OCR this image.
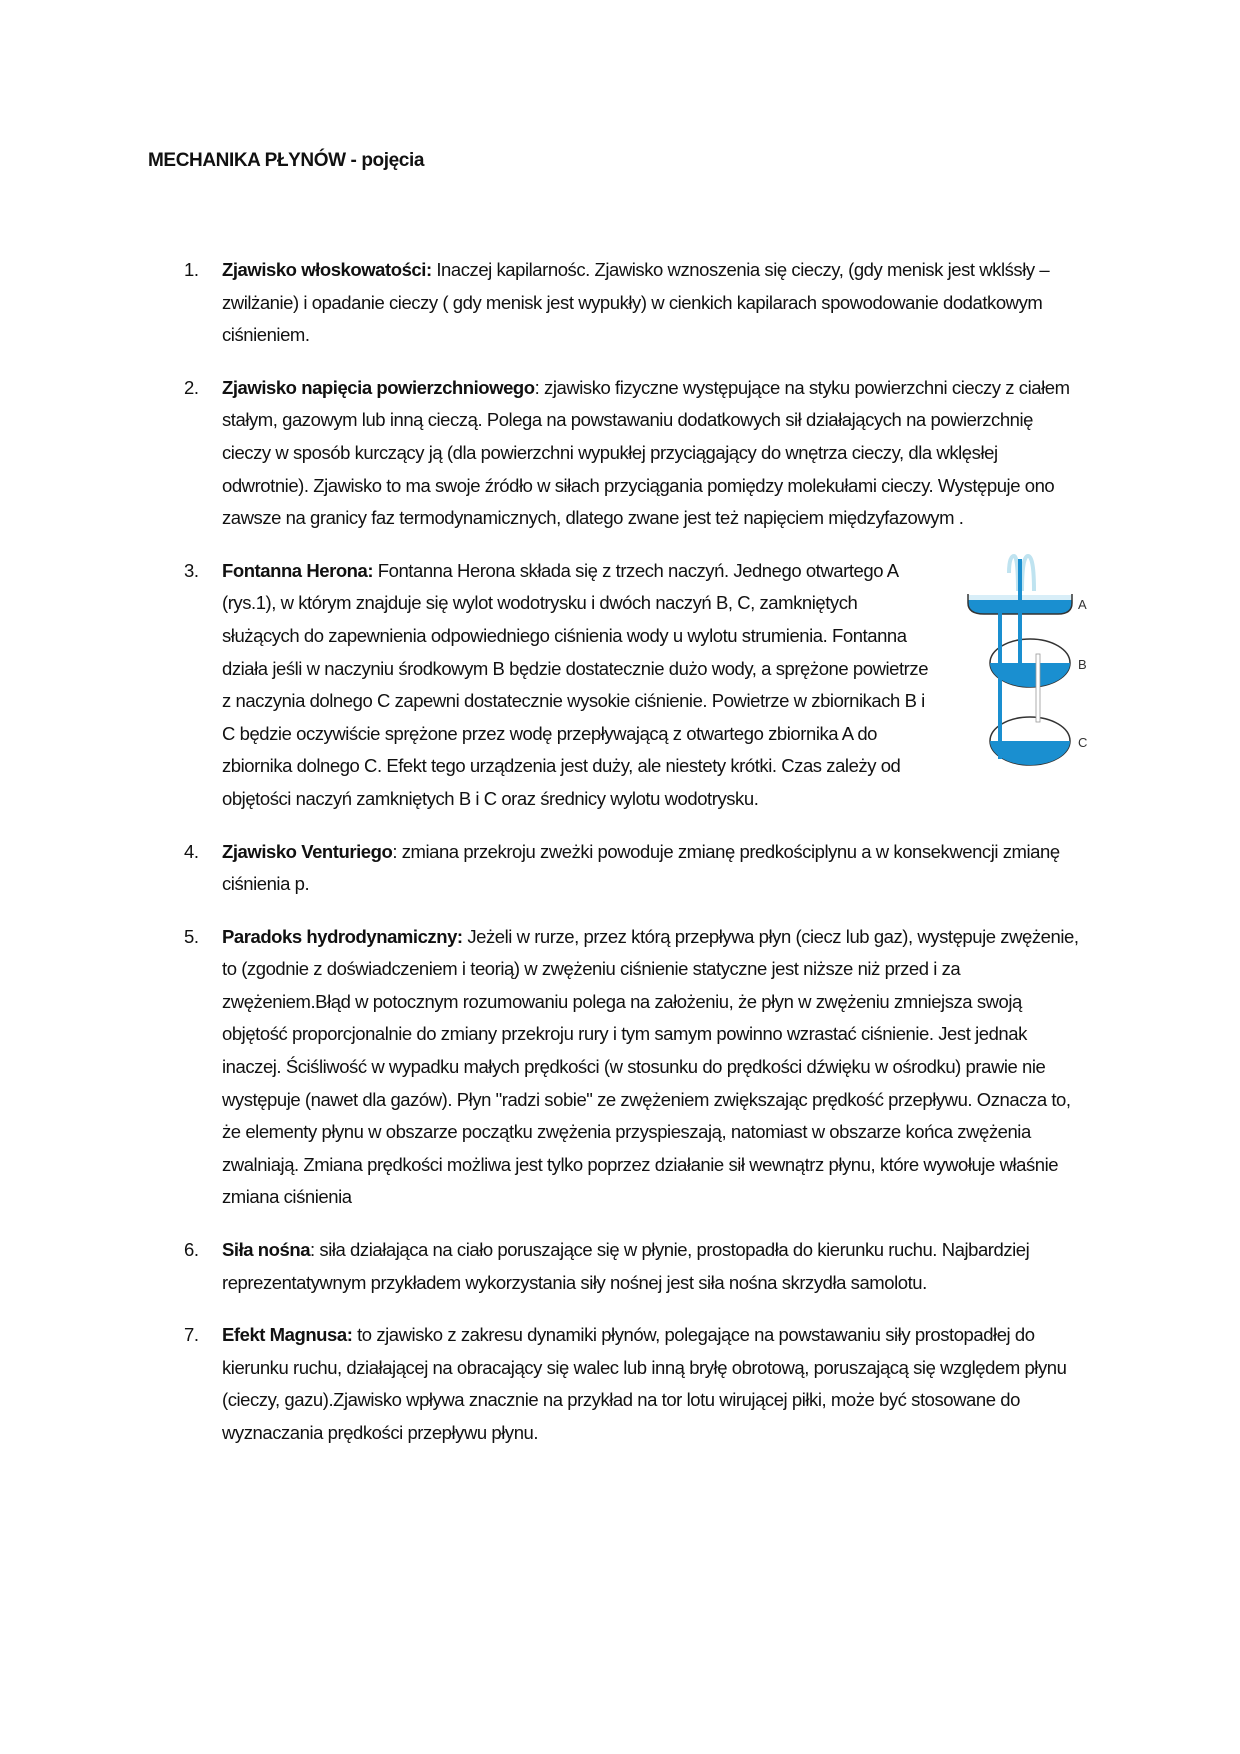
MECHANIKA PŁYNÓW - pojęcia
1.	Zjawisko włoskowatości: Inaczej kapilarnośc. Zjawisko wznoszenia się cieczy, (gdy menisk jest wklśsły – zwilżanie) i opadanie cieczy ( gdy menisk jest wypukły) w cienkich kapilarach spowodowanie dodatkowym ciśnieniem.
2.	Zjawisko napięcia powierzchniowego: zjawisko fizyczne występujące na styku powierzchni cieczy z ciałem stałym, gazowym lub inną cieczą. Polega na powstawaniu dodatkowych sił działających na powierzchnię cieczy w sposób kurczący ją (dla powierzchni wypukłej przyciągający do wnętrza cieczy, dla wklęsłej odwrotnie). Zjawisko to ma swoje źródło w siłach przyciągania pomiędzy molekułami cieczy. Występuje ono zawsze na granicy faz termodynamicznych, dlatego zwane jest też napięciem międzyfazowym .
3.
A
B
C
Fontanna Herona: Fontanna Herona składa się z trzech naczyń. Jednego otwartego A (rys.1), w którym znajduje się wylot wodotrysku i dwóch naczyń B, C, zamkniętych służących do zapewnienia odpowiedniego ciśnienia wody u wylotu strumienia. Fontanna działa jeśli w naczyniu środkowym B będzie dostatecznie dużo wody, a sprężone powietrze z naczynia dolnego C zapewni dostatecznie wysokie ciśnienie. Powietrze w zbiornikach B i C będzie oczywiście sprężone przez wodę przepływającą z otwartego zbiornika A do zbiornika dolnego C. Efekt tego urządzenia jest duży, ale niestety krótki. Czas zależy od objętości naczyń zamkniętych B i C oraz średnicy wylotu wodotrysku.
4.	Zjawisko Venturiego: zmiana przekroju zweżki powoduje zmianę predkościplynu a w konsekwencji zmianę ciśnienia p.
5.	Paradoks hydrodynamiczny: Jeżeli w rurze, przez którą przepływa płyn (ciecz lub gaz), występuje zwężenie, to (zgodnie z doświadczeniem i teorią) w zwężeniu ciśnienie statyczne jest niższe niż przed i za zwężeniem.Błąd w potocznym rozumowaniu polega na założeniu, że płyn w zwężeniu zmniejsza swoją objętość proporcjonalnie do zmiany przekroju rury i tym samym powinno wzrastać ciśnienie. Jest jednak inaczej. Ściśliwość w wypadku małych prędkości (w stosunku do prędkości dźwięku w ośrodku) prawie nie występuje (nawet dla gazów). Płyn "radzi sobie" ze zwężeniem zwiększając prędkość przepływu. Oznacza to, że elementy płynu w obszarze początku zwężenia przyspieszają, natomiast w obszarze końca zwężenia zwalniają. Zmiana prędkości możliwa jest tylko poprzez działanie sił wewnątrz płynu, które wywołuje właśnie zmiana ciśnienia
6.	Siła nośna: siła działająca na ciało poruszające się w płynie, prostopadła do kierunku ruchu. Najbardziej reprezentatywnym przykładem wykorzystania siły nośnej jest siła nośna skrzydła samolotu.
7.	Efekt Magnusa: to zjawisko z zakresu dynamiki płynów, polegające na powstawaniu siły prostopadłej do kierunku ruchu, działającej na obracający się walec lub inną bryłę obrotową, poruszającą się względem płynu (cieczy, gazu).Zjawisko wpływa znacznie na przykład na tor lotu wirującej piłki, może być stosowane do wyznaczania prędkości przepływu płynu.
